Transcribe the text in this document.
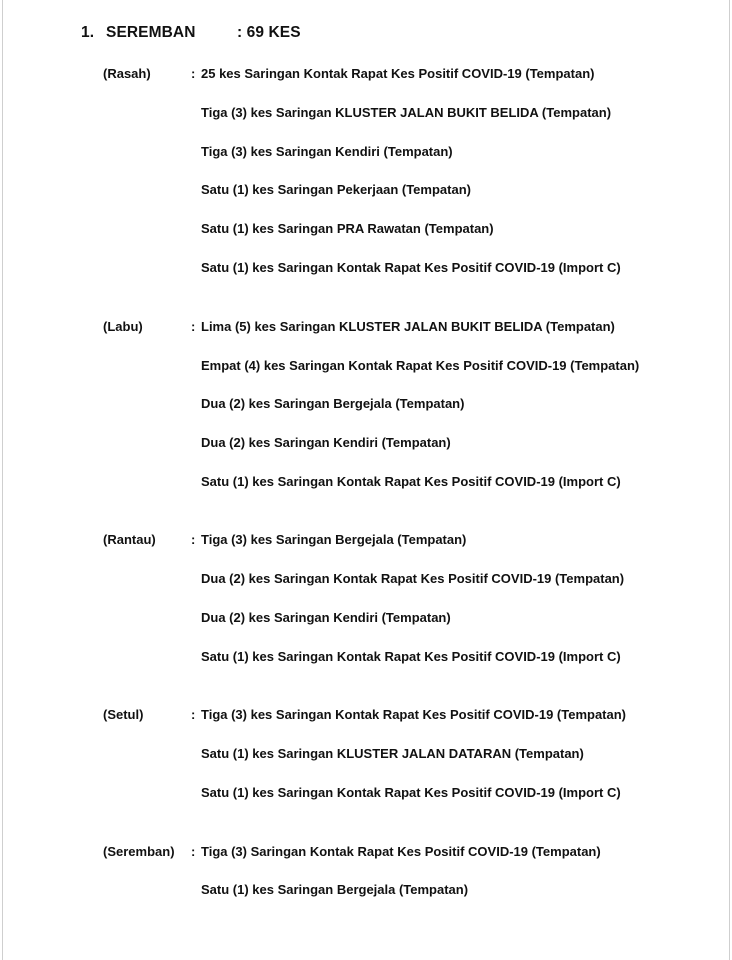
1. SEREMBAN	: 69 KES
(Rasah)	: 25 kes Saringan Kontak Rapat Kes Positif COVID-19 (Tempatan)
Tiga (3) kes Saringan KLUSTER JALAN BUKIT BELIDA (Tempatan)
Tiga (3) kes Saringan Kendiri (Tempatan)
Satu (1) kes Saringan Pekerjaan (Tempatan)
Satu (1) kes Saringan PRA Rawatan (Tempatan)
Satu (1) kes Saringan Kontak Rapat Kes Positif COVID-19 (Import C)
(Labu)	: Lima (5) kes Saringan KLUSTER JALAN BUKIT BELIDA (Tempatan)
Empat (4) kes Saringan Kontak Rapat Kes Positif COVID-19 (Tempatan)
Dua (2) kes Saringan Bergejala (Tempatan)
Dua (2) kes Saringan Kendiri (Tempatan)
Satu (1) kes Saringan Kontak Rapat Kes Positif COVID-19 (Import C)
(Rantau)	: Tiga (3) kes Saringan Bergejala (Tempatan)
Dua (2) kes Saringan Kontak Rapat Kes Positif COVID-19 (Tempatan)
Dua (2) kes Saringan Kendiri (Tempatan)
Satu (1) kes Saringan Kontak Rapat Kes Positif COVID-19 (Import C)
(Setul)	: Tiga (3) kes Saringan Kontak Rapat Kes Positif COVID-19 (Tempatan)
Satu (1) kes Saringan KLUSTER JALAN DATARAN (Tempatan)
Satu (1) kes Saringan Kontak Rapat Kes Positif COVID-19 (Import C)
(Seremban) : Tiga (3) Saringan Kontak Rapat Kes Positif COVID-19 (Tempatan)
Satu (1) kes Saringan Bergejala (Tempatan)
